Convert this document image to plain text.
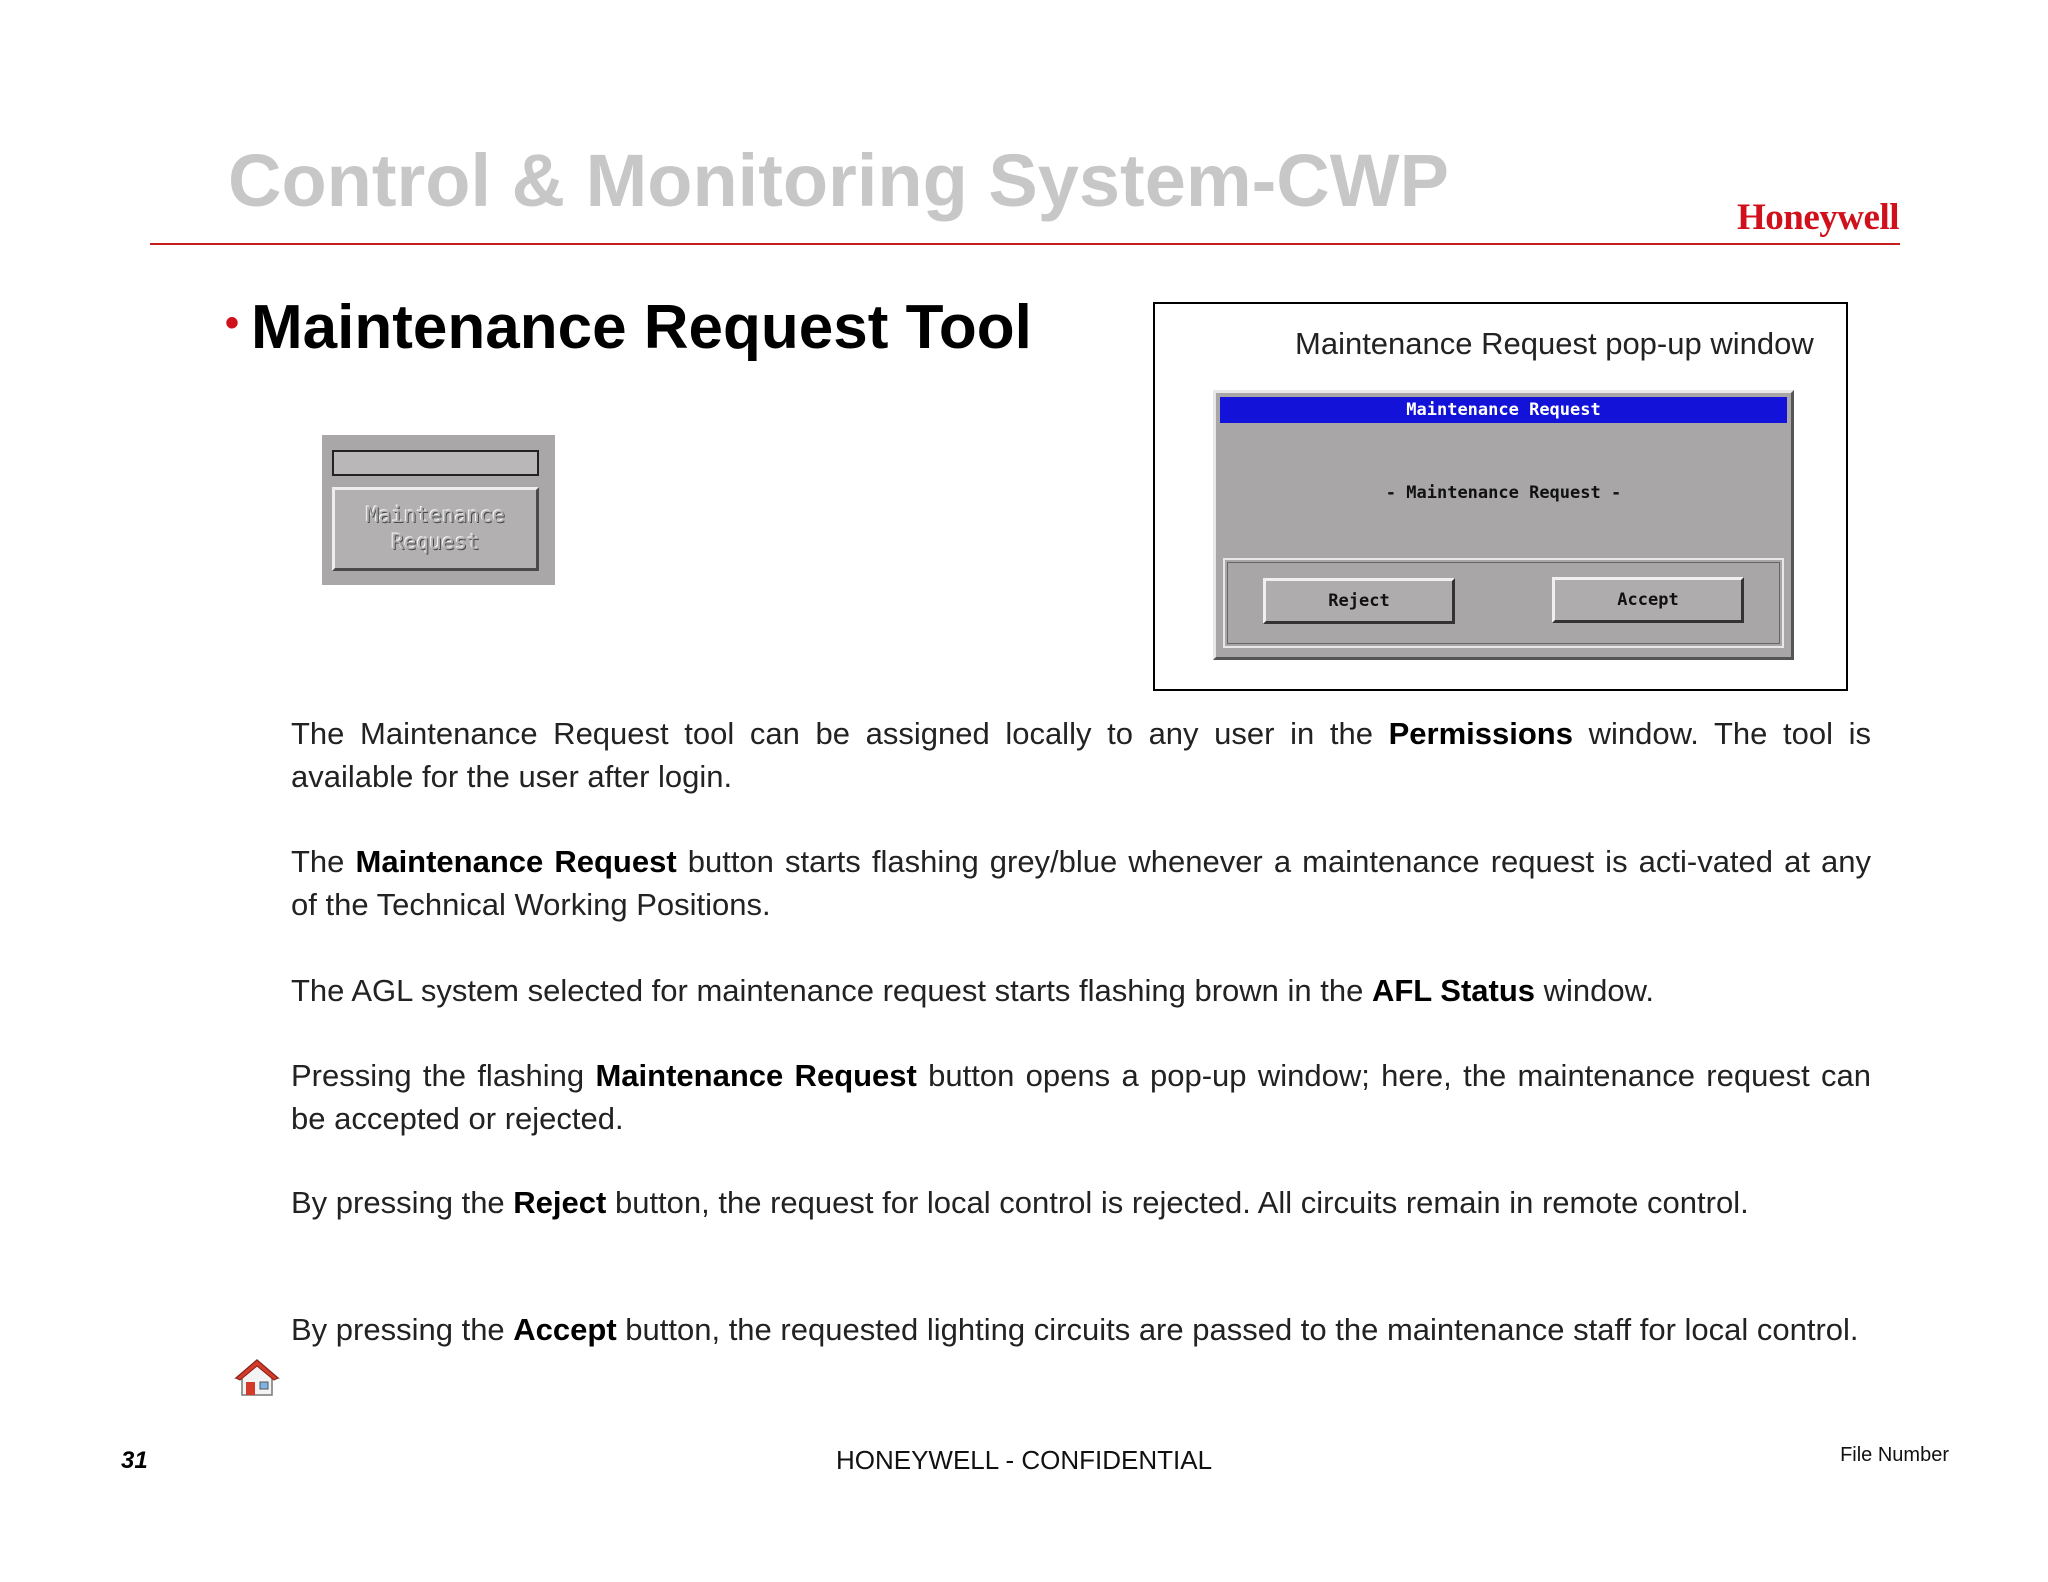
Control & Monitoring System-CWP	Honeywell
• Maintenance Request Tool
Maintenance
Request
Maintenance Request pop-up window
Maintenance Request
- Maintenance Request -
Reject	Accept
The Maintenance Request tool can be assigned locally to any user in the Permissions window. The tool is available for the user after login.
The Maintenance Request button starts flashing grey/blue whenever a maintenance request is acti-vated at any of the Technical Working Positions.
The AGL system selected for maintenance request starts flashing brown in the AFL Status window.
Pressing the flashing Maintenance Request button opens a pop-up window; here, the maintenance request can be accepted or rejected.
By pressing the Reject button, the request for local control is rejected. All circuits remain in remote control.
By pressing the Accept button, the requested lighting circuits are passed to the maintenance staff for local control.
31	HONEYWELL - CONFIDENTIAL	File Number
